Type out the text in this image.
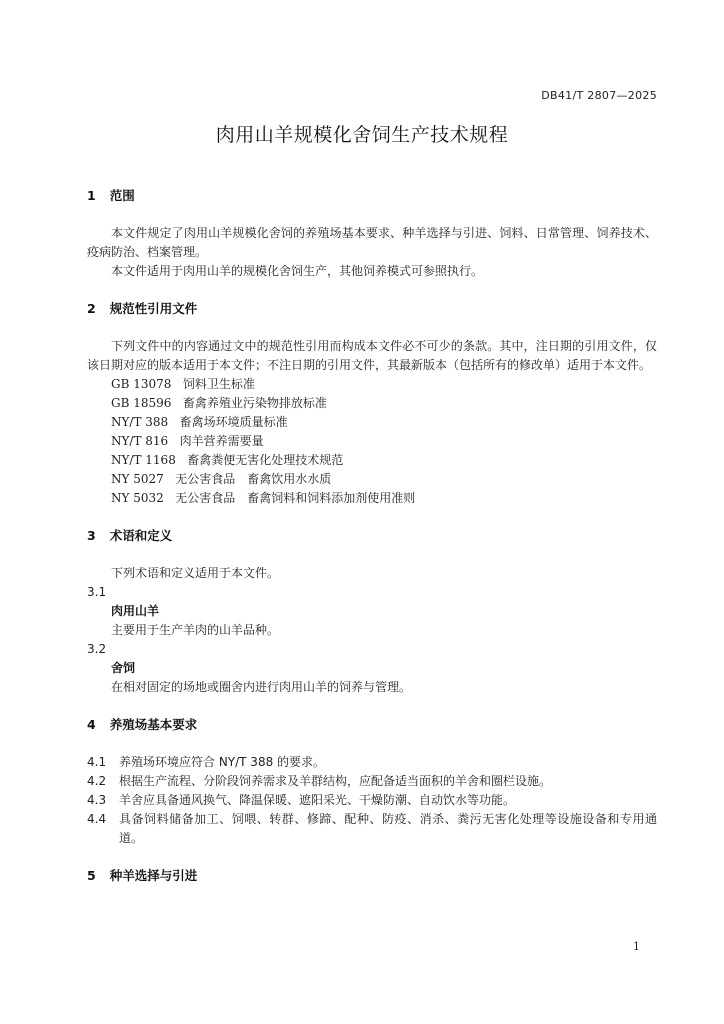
DB41/T 2807—2025
肉用山羊规模化舍饲生产技术规程
1 范围

本文件规定了肉用山羊规模化舍饲的养殖场基本要求、种羊选择与引进、饲料、日常管理、饲养技术、疫病防治、档案管理。

本文件适用于肉用山羊的规模化舍饲生产，其他饲养模式可参照执行。

2 规范性引用文件

下列文件中的内容通过文中的规范性引用而构成本文件必不可少的条款。其中，注日期的引用文件，仅该日期对应的版本适用于本文件；不注日期的引用文件，其最新版本（包括所有的修改单）适用于本文件。

GB 13078 饲料卫生标准
GB 18596 畜禽养殖业污染物排放标准
NY/T 388 畜禽场环境质量标准
NY/T 816 肉羊营养需要量
NY/T 1168 畜禽粪便无害化处理技术规范
NY 5027 无公害食品　畜禽饮用水水质
NY 5032 无公害食品　畜禽饲料和饲料添加剂使用准则
3 术语和定义

下列术语和定义适用于本文件。

3.1
肉用山羊
主要用于生产羊肉的山羊品种。
3.2
舍饲
在相对固定的场地或圈舍内进行肉用山羊的饲养与管理。
4 养殖场基本要求
4.1	养殖场环境应符合 NY/T 388 的要求。
4.2	根据生产流程、分阶段饲养需求及羊群结构，应配备适当面积的羊舍和圈栏设施。
4.3	羊舍应具备通风换气、降温保暖、遮阳采光、干燥防潮、自动饮水等功能。
4.4	具备饲料储备加工、饲喂、转群、修蹄、配种、防疫、消杀、粪污无害化处理等设施设备和专用通道。
5 种羊选择与引进
1
